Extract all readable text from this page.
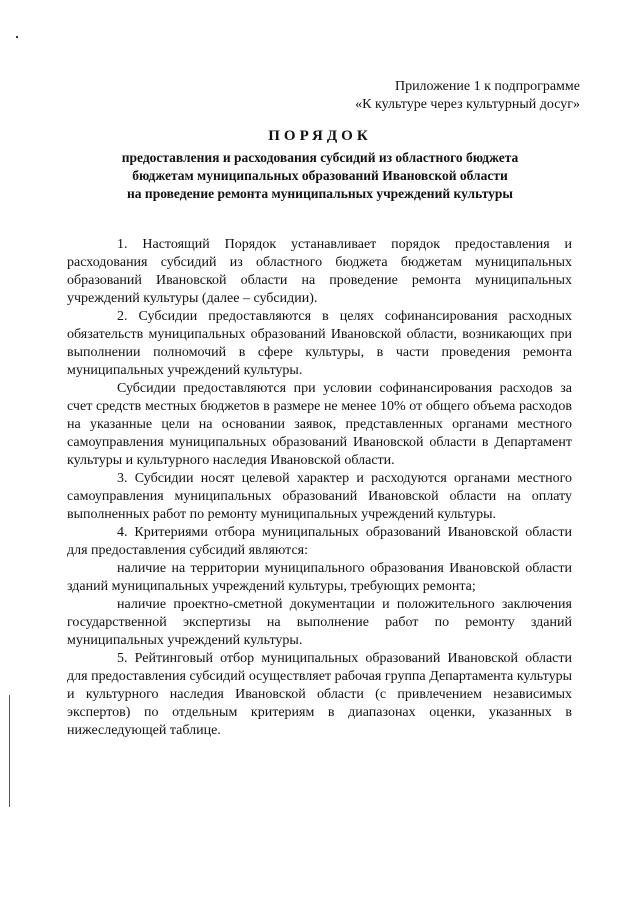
Приложение 1 к подпрограмме
«К культуре через культурный досуг»
ПОРЯДОК
предоставления и расходования субсидий из областного бюджета
бюджетам муниципальных образований Ивановской области
на проведение ремонта муниципальных учреждений культуры

1. Настоящий Порядок устанавливает порядок предоставления и расходования субсидий из областного бюджета бюджетам муниципальных образований Ивановской области на проведение ремонта муниципальных учреждений культуры (далее – субсидии).

2. Субсидии предоставляются в целях софинансирования расходных обязательств муниципальных образований Ивановской области, возникающих при выполнении полномочий в сфере культуры, в части проведения ремонта муниципальных учреждений культуры.

Субсидии предоставляются при условии софинансирования расходов за счет средств местных бюджетов в размере не менее 10% от общего объема расходов на указанные цели на основании заявок, представленных органами местного самоуправления муниципальных образований Ивановской области в Департамент культуры и культурного наследия Ивановской области.

3. Субсидии носят целевой характер и расходуются органами местного самоуправления муниципальных образований Ивановской области на оплату выполненных работ по ремонту муниципальных учреждений культуры.

4. Критериями отбора муниципальных образований Ивановской области для предоставления субсидий являются:

наличие на территории муниципального образования Ивановской области зданий муниципальных учреждений культуры, требующих ремонта;

наличие проектно-сметной документации и положительного заключения государственной экспертизы на выполнение работ по ремонту зданий муниципальных учреждений культуры.

5. Рейтинговый отбор муниципальных образований Ивановской области для предоставления субсидий осуществляет рабочая группа Департамента культуры и культурного наследия Ивановской области (с привлечением независимых экспертов) по отдельным критериям в диапазонах оценки, указанных в нижеследующей таблице.
